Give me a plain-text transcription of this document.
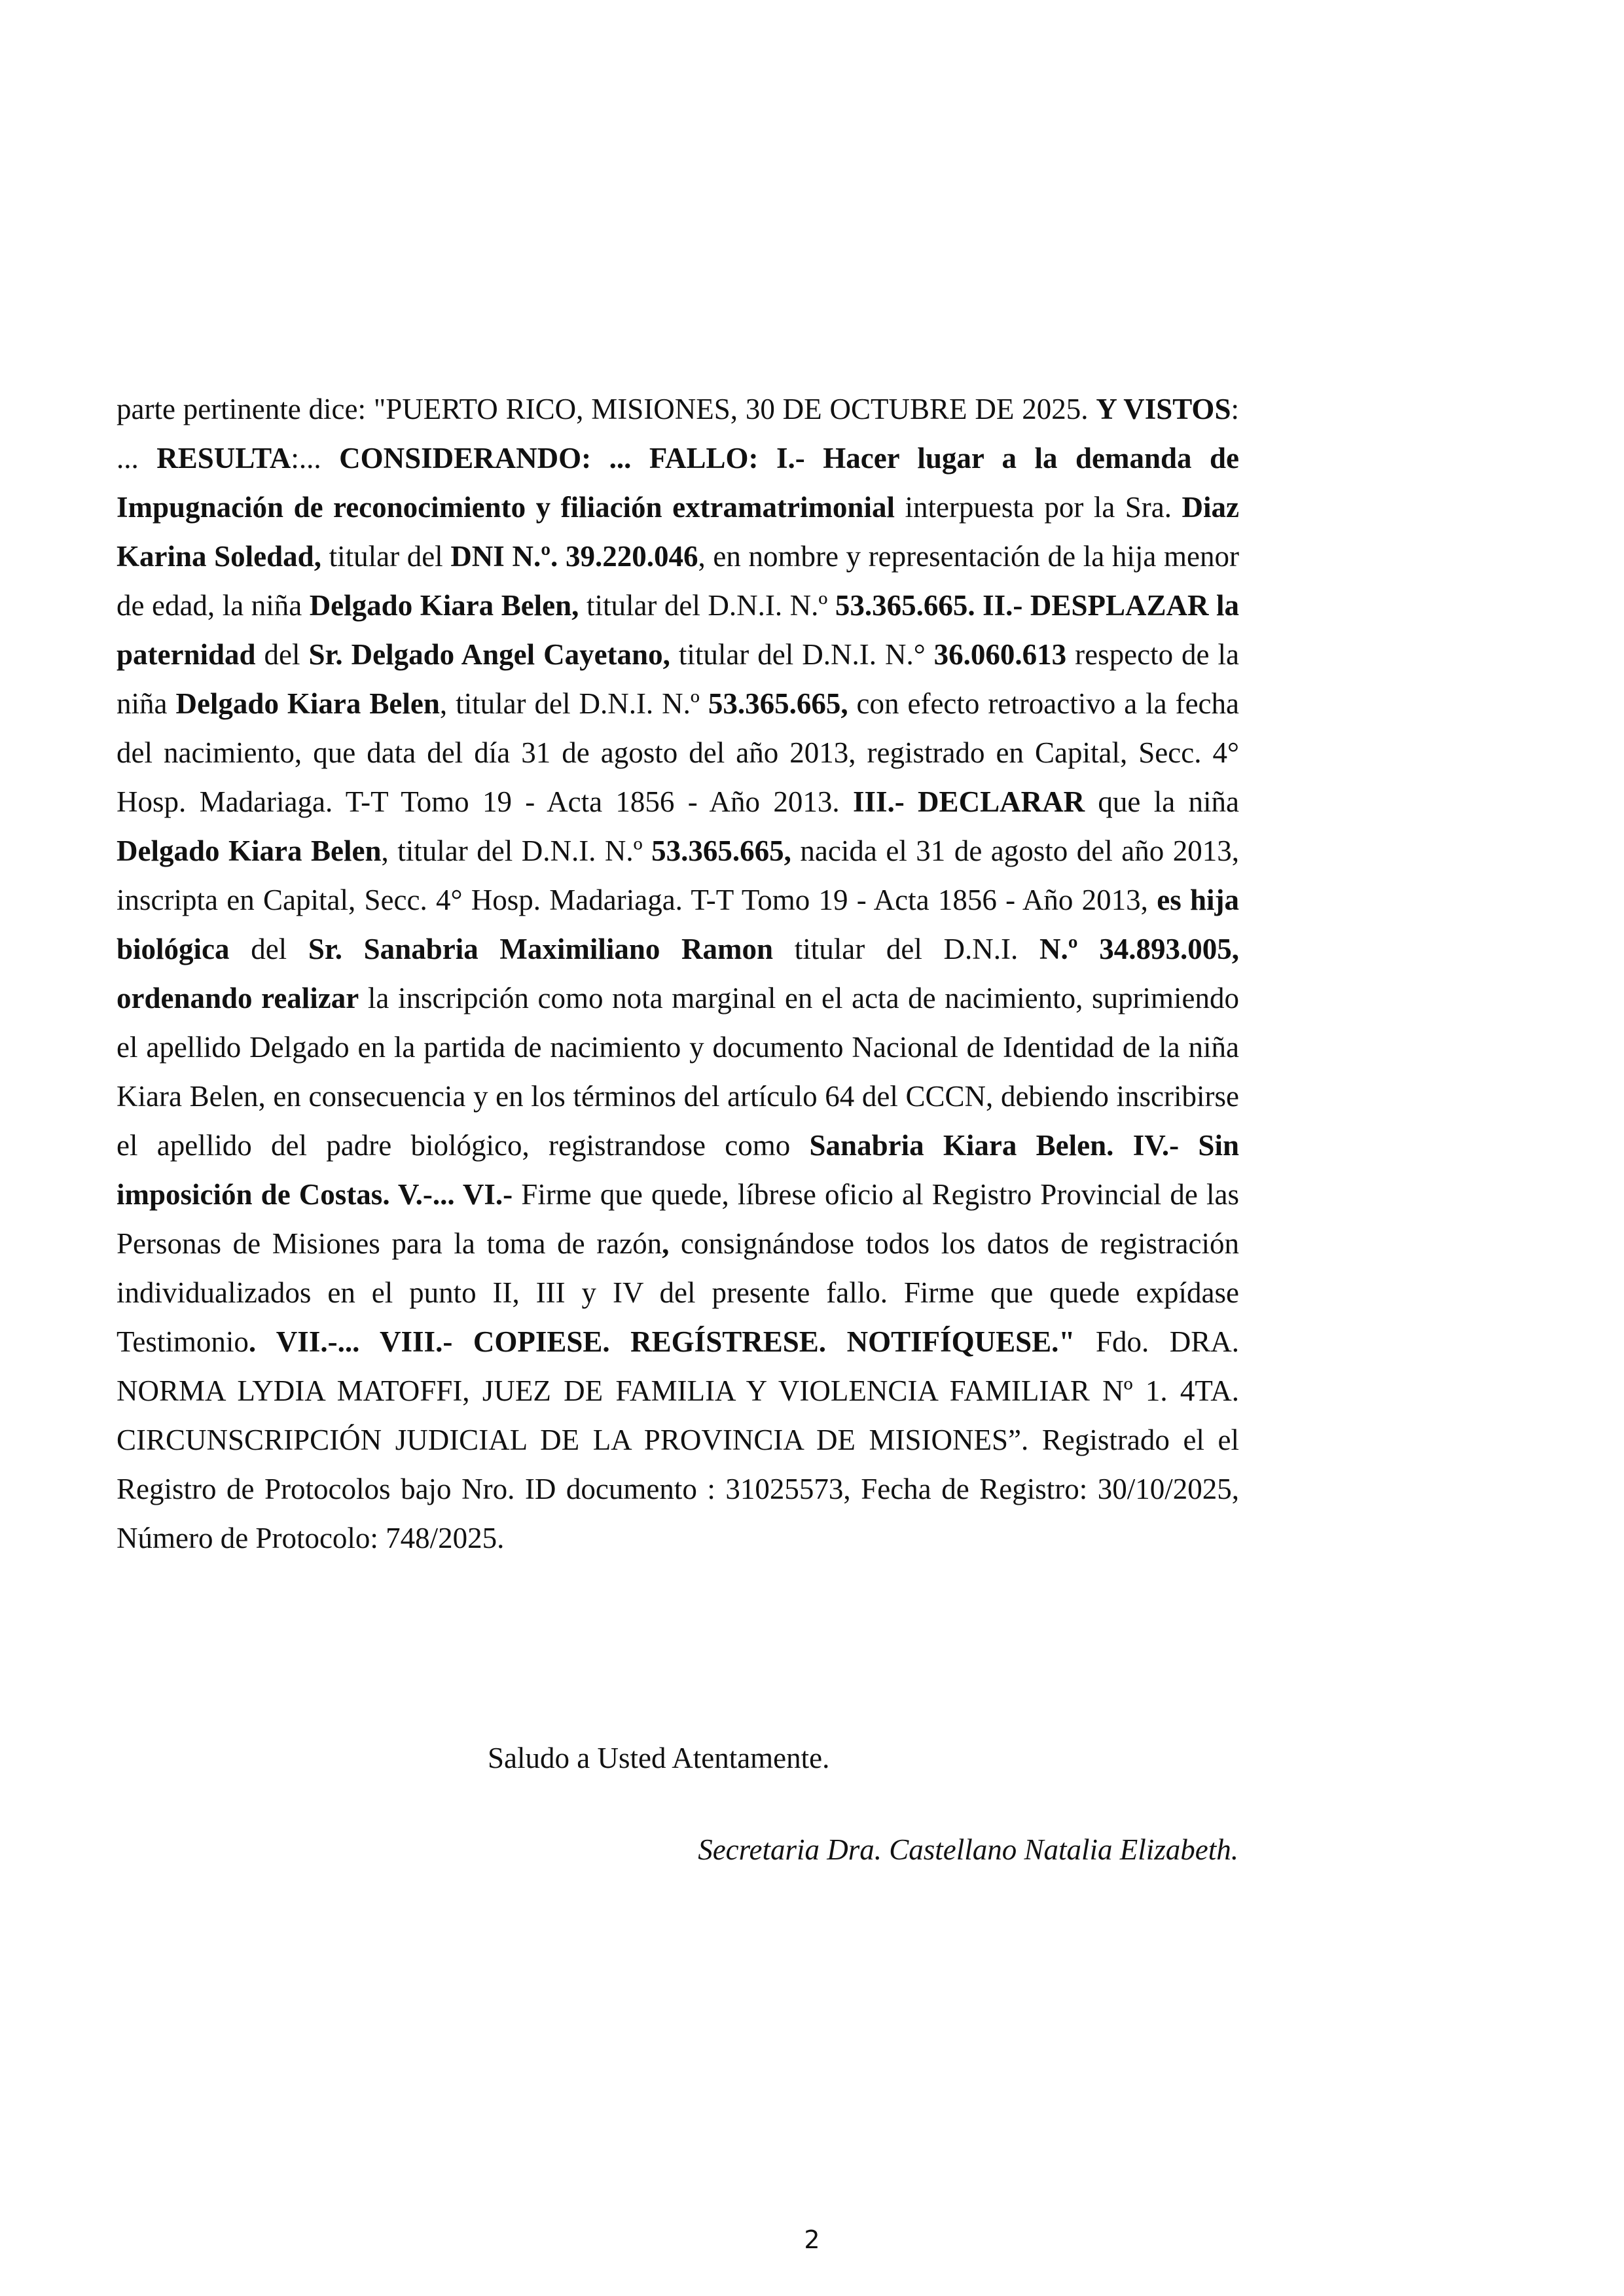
parte pertinente dice: "PUERTO RICO, MISIONES, 30 DE OCTUBRE DE 2025. Y VISTOS: ... RESULTA:... CONSIDERANDO: ... FALLO: I.- Hacer lugar a la demanda de Impugnación de reconocimiento y filiación extramatrimonial interpuesta por la Sra. Diaz Karina Soledad, titular del DNI N.º. 39.220.046, en nombre y representación de la hija menor de edad, la niña Delgado Kiara Belen, titular del D.N.I. N.º 53.365.665. II.- DESPLAZAR la paternidad del Sr. Delgado Angel Cayetano, titular del D.N.I. N.° 36.060.613 respecto de la niña Delgado Kiara Belen, titular del D.N.I. N.º 53.365.665, con efecto retroactivo a la fecha del nacimiento, que data del día 31 de agosto del año 2013, registrado en Capital, Secc. 4° Hosp. Madariaga. T-T Tomo 19 - Acta 1856 - Año 2013. III.- DECLARAR que la niña Delgado Kiara Belen, titular del D.N.I. N.º 53.365.665, nacida el 31 de agosto del año 2013, inscripta en Capital, Secc. 4° Hosp. Madariaga. T-T Tomo 19 - Acta 1856 - Año 2013, es hija biológica del Sr. Sanabria Maximiliano Ramon titular del D.N.I. N.º 34.893.005, ordenando realizar la inscripción como nota marginal en el acta de nacimiento, suprimiendo el apellido Delgado en la partida de nacimiento y documento Nacional de Identidad de la niña Kiara Belen, en consecuencia y en los términos del artículo 64 del CCCN, debiendo inscribirse el apellido del padre biológico, registrandose como Sanabria Kiara Belen. IV.- Sin imposición de Costas. V.-... VI.- Firme que quede, líbrese oficio al Registro Provincial de las Personas de Misiones para la toma de razón, consignándose todos los datos de registración individualizados en el punto II, III y IV del presente fallo. Firme que quede expídase Testimonio. VII.-... VIII.- COPIESE. REGÍSTRESE. NOTIFÍQUESE." Fdo. DRA. NORMA LYDIA MATOFFI, JUEZ DE FAMILIA Y VIOLENCIA FAMILIAR Nº 1. 4TA. CIRCUNSCRIPCIÓN JUDICIAL DE LA PROVINCIA DE MISIONES”. Registrado el el Registro de Protocolos bajo Nro. ID documento : 31025573, Fecha de Registro: 30/10/2025, Número de Protocolo: 748/2025.

Saludo a Usted Atentamente.

Secretaria Dra. Castellano Natalia Elizabeth.

2
